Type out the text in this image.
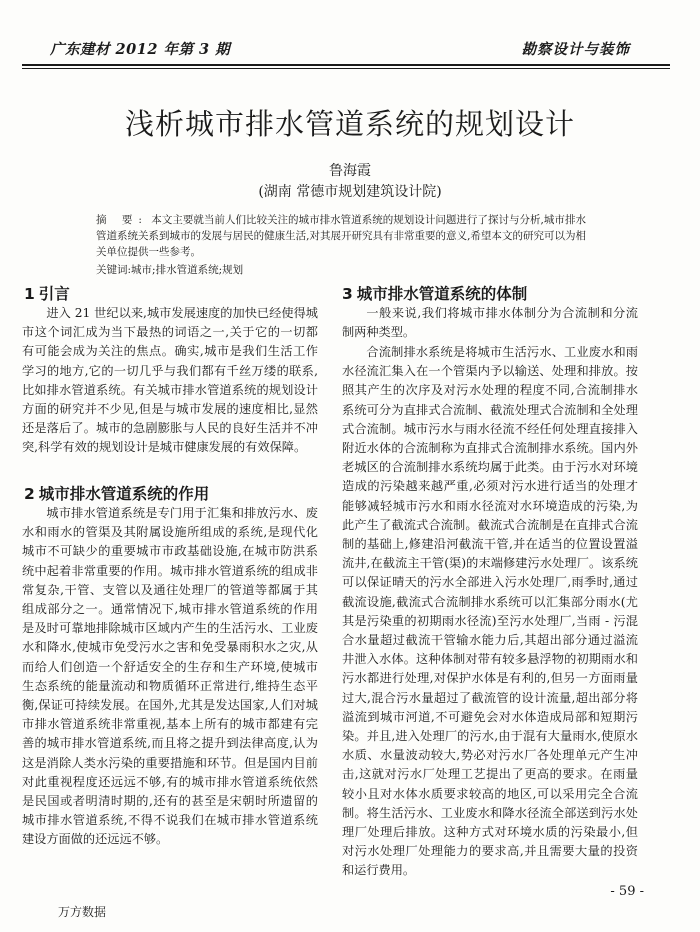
广东建材 2012 年第 3 期	勘察设计与装饰
浅析城市排水管道系统的规划设计
鲁海霞
(湖南 常德市规划建筑设计院)
摘 要: 本文主要就当前人们比较关注的城市排水管道系统的规划设计问题进行了探讨与分析,城市排水管道系统关系到城市的发展与居民的健康生活,对其展开研究具有非常重要的意义,希望本文的研究可以为相关单位提供一些参考。
关键词:城市;排水管道系统;规划
1 引言

进入 21 世纪以来,城市发展速度的加快已经使得城市这个词汇成为当下最热的词语之一,关于它的一切都有可能会成为关注的焦点。确实,城市是我们生活工作学习的地方,它的一切几乎与我们都有千丝万缕的联系,比如排水管道系统。有关城市排水管道系统的规划设计方面的研究并不少见,但是与城市发展的速度相比,显然还是落后了。城市的急剧膨胀与人民的良好生活并不冲突,科学有效的规划设计是城市健康发展的有效保障。

2 城市排水管道系统的作用

城市排水管道系统是专门用于汇集和排放污水、废水和雨水的管渠及其附属设施所组成的系统,是现代化城市不可缺少的重要城市市政基础设施,在城市防洪系统中起着非常重要的作用。城市排水管道系统的组成非常复杂,干管、支管以及通往处理厂的管道等都属于其组成部分之一。通常情况下,城市排水管道系统的作用是及时可靠地排除城市区域内产生的生活污水、工业废水和降水,使城市免受污水之害和免受暴雨积水之灾,从而给人们创造一个舒适安全的生存和生产环境,使城市生态系统的能量流动和物质循环正常进行,维持生态平衡,保证可持续发展。在国外,尤其是发达国家,人们对城市排水管道系统非常重视,基本上所有的城市都建有完善的城市排水管道系统,而且将之提升到法律高度,认为这是消除人类水污染的重要措施和环节。但是国内目前对此重视程度还远远不够,有的城市排水管道系统依然是民国或者明清时期的,还有的甚至是宋朝时所遗留的城市排水管道系统,不得不说我们在城市排水管道系统建设方面做的还远远不够。

3 城市排水管道系统的体制

一般来说,我们将城市排水体制分为合流制和分流制两种类型。

合流制排水系统是将城市生活污水、工业废水和雨水径流汇集入在一个管渠内予以输送、处理和排放。按照其产生的次序及对污水处理的程度不同,合流制排水系统可分为直排式合流制、截流处理式合流制和全处理式合流制。城市污水与雨水径流不经任何处理直接排入附近水体的合流制称为直排式合流制排水系统。国内外老城区的合流制排水系统均属于此类。由于污水对环境造成的污染越来越严重,必须对污水进行适当的处理才能够减轻城市污水和雨水径流对水环境造成的污染,为此产生了截流式合流制。截流式合流制是在直排式合流制的基础上,修建沿河截流干管,并在适当的位置设置溢流井,在截流主干管(渠)的末端修建污水处理厂。该系统可以保证晴天的污水全部进入污水处理厂,雨季时,通过截流设施,截流式合流制排水系统可以汇集部分雨水(尤其是污染重的初期雨水径流)至污水处理厂,当雨 - 污混合水量超过截流干管输水能力后,其超出部分通过溢流井泄入水体。这种体制对带有较多悬浮物的初期雨水和污水都进行处理,对保护水体是有利的,但另一方面雨量过大,混合污水量超过了截流管的设计流量,超出部分将溢流到城市河道,不可避免会对水体造成局部和短期污染。并且,进入处理厂的污水,由于混有大量雨水,使原水水质、水量波动较大,势必对污水厂各处理单元产生冲击,这就对污水厂处理工艺提出了更高的要求。在雨量较小且对水体水质要求较高的地区,可以采用完全合流制。将生活污水、工业废水和降水径流全部送到污水处理厂处理后排放。这种方式对环境水质的污染最小,但对污水处理厂处理能力的要求高,并且需要大量的投资和运行费用。

- 59 -
万方数据
